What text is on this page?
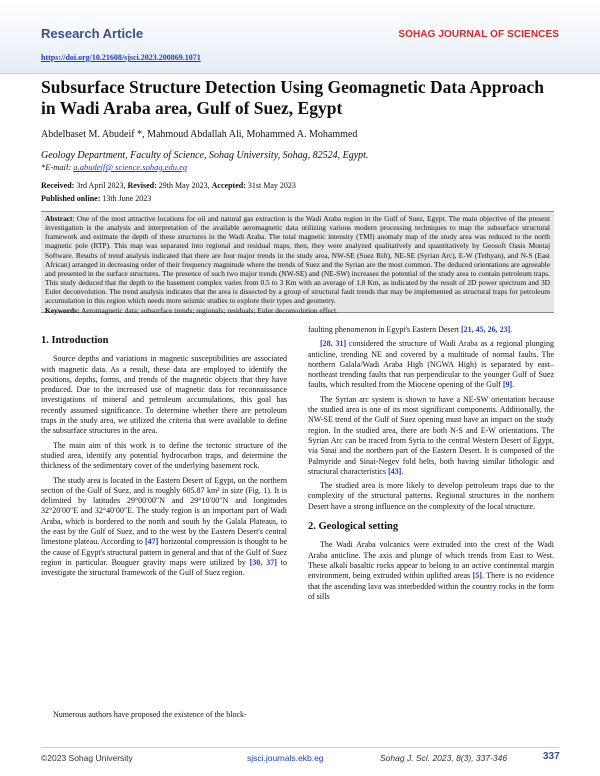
Research Article	SOHAG JOURNAL OF SCIENCES
https://doi.org/10.21608/sjsci.2023.200869.1071
Subsurface Structure Detection Using Geomagnetic Data Approach in Wadi Araba area, Gulf of Suez, Egypt
Abdelbaset M. Abudeif *, Mahmoud Abdallah Ali, Mohammed A. Mohammed
Geology Department, Faculty of Science, Sohag University, Sohag, 82524, Egypt.
*E-mail: a.abudeif@ science.sohag.edu.eg
Received: 3rd April 2023, Revised: 29th May 2023, Accepted: 31st May 2023
Published online: 13th June 2023
Abstract: One of the most attractive locations for oil and natural gas extraction is the Wadi Araba region in the Gulf of Suez, Egypt. The main objective of the present investigation is the analysis and interpretation of the available aeromagnetic data utilizing various modern processing techniques to map the subsurface structural framework and estimate the depth of these structures in the Wadi Araba. The total magnetic intensity (TMI) anomaly map of the study area was reduced to the north magnetic pole (RTP). This map was separated into regional and residual maps, then, they were analyzed qualitatively and quantitatively by Geosoft Oasis Montaj Software. Results of trend analysis indicated that there are four major trends in the study area, NW-SE (Suez Rift), NE-SE (Syrian Arc), E-W (Tethyan), and N-S (East African) arranged in decreasing order of their frequency magnitude where the trends of Suez and the Syrian are the most common. The deduced orientations are agreeable and presented in the surface structures. The presence of such two major trends (NW-SE) and (NE-SW) increases the potential of the study area to contain petroleum traps. This study deduced that the depth to the basement complex varies from 0.5 to 3 Km with an average of 1.8 Km, as indicated by the result of 2D power spectrum and 3D Euler deconvolution. The trend analysis indicates that the area is dissected by a group of structural fault trends that may be implemented as structural traps for petroleum accumulation in this region which needs more seismic studies to explore their types and geometry.
Keywords: Aeromagnetic data; subsurface trends; regionals; residuals; Euler deconvolution effect.
1. Introduction

Source depths and variations in magnetic susceptibilities are associated with magnetic data. As a result, these data are employed to identify the positions, depths, forms, and trends of the magnetic objects that they have produced. Due to the increased use of magnetic data for reconnaissance investigations of mineral and petroleum accumulations, this goal has recently assumed significance. To determine whether there are petroleum traps in the study area, we utilized the criteria that were available to define the subsurface structures in the area.

The main aim of this work is to define the tectonic structure of the studied area, identify any potential hydrocarbon traps, and determine the thickness of the sedimentary cover of the underlying basement rock.

The study area is located in the Eastern Desert of Egypt, on the northern section of the Gulf of Suez, and is roughly 605.87 km² in size (Fig. 1). It is delimited by latitudes 29°00′00″N and 29°10′00″N and longitudes 32°20′00″E and 32°40′00″E. The study region is an important part of Wadi Araba, which is bordered to the north and south by the Galala Plateaus, to the east by the Gulf of Suez, and to the west by the Eastern Desert's central limestone plateau. According to [47] horizontal compression is thought to be the cause of Egypt's structural pattern in general and that of the Gulf of Suez region in particular. Bouguer gravity maps were utilized by [30, 37] to investigate the structural framework of the Gulf of Suez region.

Numerous authors have proposed the existence of the block-

faulting phenomenon in Egypt's Eastern Desert [21, 45, 26, 23].

[28, 31] considered the structure of Wadi Araba as a regional plunging anticline, trending NE and covered by a multitude of normal faults. The northern Galala/Wadi Araba High (NGWA High) is separated by east–northeast trending faults that run perpendicular to the younger Gulf of Suez faults, which resulted from the Miocene opening of the Gulf [9].

The Syrian arc system is shown to have a NE-SW orientation because the studied area is one of its most significant components. Additionally, the NW-SE trend of the Gulf of Suez opening must have an impact on the study region. In the studied area, there are both N-S and E-W orientations. The Syrian Arc can be traced from Syria to the central Western Desert of Egypt, via Sinai and the northern part of the Eastern Desert. It is composed of the Palmyride and Sinai-Negev fold belts, both having similar lithologic and structural characteristics [43].

The studied area is more likely to develop petroleum traps due to the complexity of the structural patterns. Regional structures in the northern Desert have a strong influence on the complexity of the local structure.

2. Geological setting

The Wadi Araba volcanics were extruded into the crest of the Wadi Araba anticline. The axis and plunge of which trends from East to West. These alkali basaltic rocks appear to belong to an active continental margin environment, being extruded within uplifted areas [5]. There is no evidence that the ascending lava was interbedded within the country rocks in the form of sills

©2023 Sohag University	sjsci.journals.ekb.eg	Sohag J. Sci. 2023, 8(3), 337-346	337
